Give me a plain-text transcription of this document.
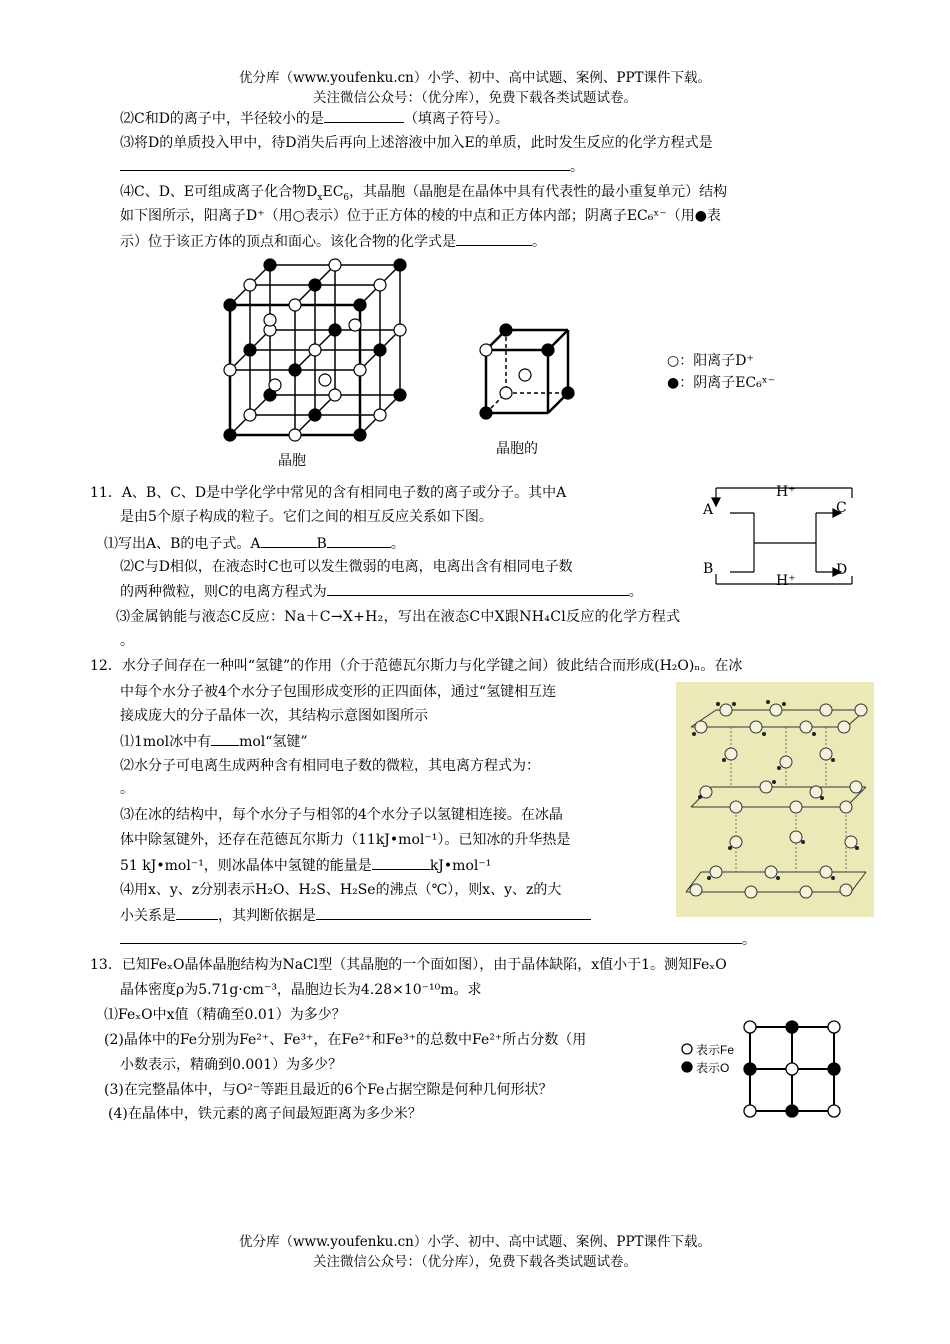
优分库（www.youfenku.cn）小学、初中、高中试题、案例、PPT课件下载。
关注微信公众号：（优分库），免费下载各类试题试卷。
⑵C和D的离子中，半径较小的是	（填离子符号）。
⑶将D的单质投入甲中，待D消失后再向上述溶液中加入E的单质，此时发生反应的化学方程式是
。
⑷C、D、E可组成离子化合物$D_xEC_6$，其晶胞（晶胞是在晶体中具有代表性的最小重复单元）结构
如下图所示，阳离子D⁺（用○表示）位于正方体的棱的中点和正方体内部；阴离子EC₆ˣ⁻（用●表
示）位于该正方体的顶点和面心。该化合物的化学式是	。
晶胞
晶胞的
○：阳离子D⁺
●：阴离子EC₆ˣ⁻
11．A、B、C、D是中学化学中常见的含有相同电子数的离子或分子。其中A
是由5个原子构成的粒子。它们之间的相互反应关系如下图。
⑴写出A、B的电子式。A	B	。
⑵C与D相似，在液态时C也可以发生微弱的电离，电离出含有相同电子数
的两种微粒，则C的电离方程式为	。
⑶金属钠能与液态C反应：Na＋C→X+H₂，写出在液态C中X跟NH₄Cl反应的化学方程式
。
H⁺
A	C
B	D
H⁺
12．水分子间存在一种叫“氢键”的作用（介于范德瓦尔斯力与化学键之间）彼此结合而形成(H₂O)ₙ。在冰
中每个水分子被4个水分子包围形成变形的正四面体，通过“氢键相互连
接成庞大的分子晶体一次，其结构示意图如图所示
⑴1mol冰中有 mol“氢键”
⑵水分子可电离生成两种含有相同电子数的微粒，其电离方程式为：
。
⑶在冰的结构中，每个水分子与相邻的4个水分子以氢键相连接。在冰晶
体中除氢键外，还存在范德瓦尔斯力（11kJ•mol⁻¹）。已知冰的升华热是
51 kJ•mol⁻¹，则冰晶体中氢键的能量是	kJ•mol⁻¹
⑷用x、y、z分别表示H₂O、H₂S、H₂Se的沸点（℃），则x、y、z的大
小关系是	，其判断依据是
。
13．已知FeₓO晶体晶胞结构为NaCl型（其晶胞的一个面如图），由于晶体缺陷，x值小于1。测知FeₓO
晶体密度ρ为5.71g·cm⁻³，晶胞边长为4.28×10⁻¹⁰m。求
⑴FeₓO中x值（精确至0.01）为多少？
(2)晶体中的Fe分别为Fe²⁺、Fe³⁺，在Fe²⁺和Fe³⁺的总数中Fe²⁺所占分数（用
小数表示，精确到0.001）为多少？
(3)在完整晶体中，与O²⁻等距且最近的6个Fe占据空隙是何种几何形状？
(4)在晶体中，铁元素的离子间最短距离为多少米？
表示Fe
表示O
优分库（www.youfenku.cn）小学、初中、高中试题、案例、PPT课件下载。
关注微信公众号：（优分库），免费下载各类试题试卷。
